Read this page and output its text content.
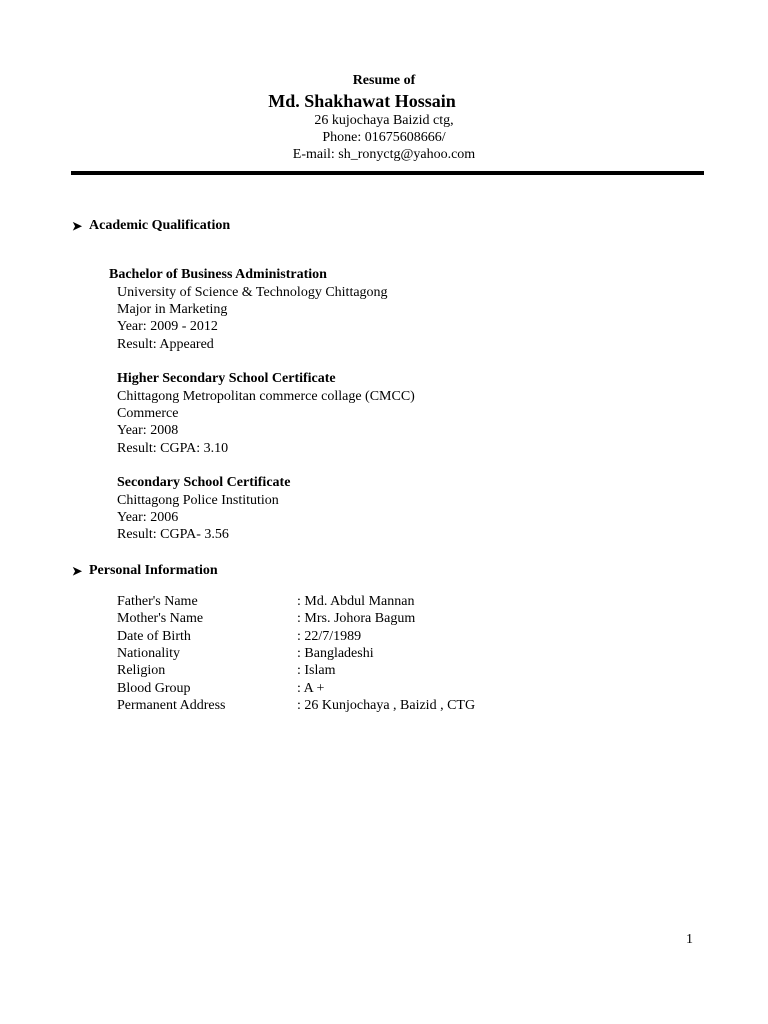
Resume of
Md. Shakhawat Hossain
26 kujochaya Baizid ctg,
Phone: 01675608666/
E-mail: sh_ronyctg@yahoo.com
➤ Academic Qualification
Bachelor of Business Administration
University of Science & Technology Chittagong
Major in Marketing
Year: 2009 - 2012
Result: Appeared
Higher Secondary School Certificate
Chittagong Metropolitan commerce collage (CMCC)
Commerce
Year: 2008
Result: CGPA: 3.10
Secondary School Certificate
Chittagong Police Institution
Year: 2006
Result: CGPA- 3.56
➤ Personal Information
Father's Name	: Md. Abdul Mannan
Mother's Name	: Mrs. Johora Bagum
Date of Birth	: 22/7/1989
Nationality	: Bangladeshi
Religion	: Islam
Blood Group	: A +
Permanent Address	: 26 Kunjochaya , Baizid , CTG
1
